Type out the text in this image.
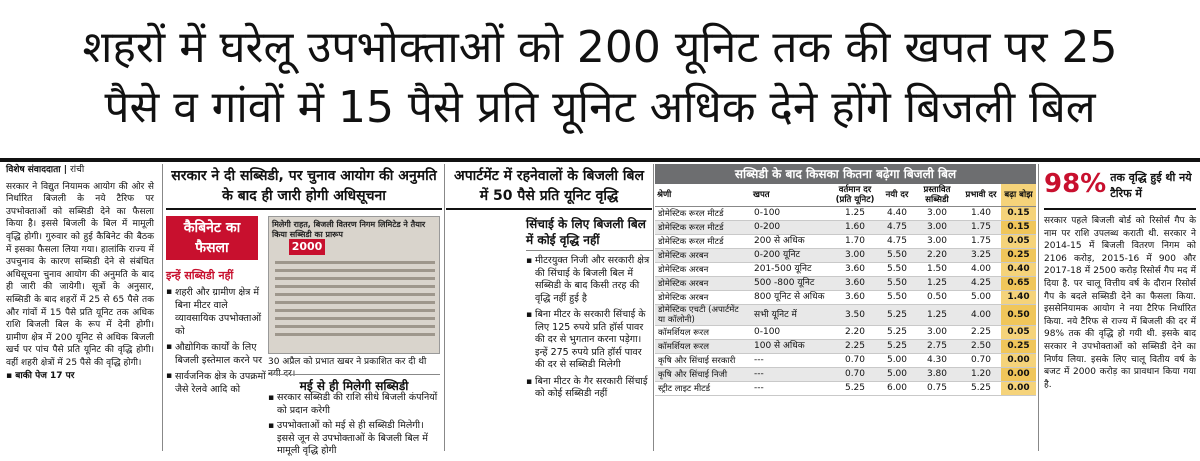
शहरों में घरेलू उपभोक्ताओं को 200 यूनिट तक की खपत पर 25
पैसे व गांवों में 15 पैसे प्रति यूनिट अधिक देने होंगे बिजली बिल
विशेष संवाददाता | रांची
सरकार ने विद्युत नियामक आयोग की ओर से निर्धारित बिजली के नये टैरिफ पर उपभोक्ताओं को सब्सिडी देने का फैसला किया है। इससे बिजली के बिल में मामूली वृद्धि होगी। गुरुवार को हुई कैबिनेट की बैठक में इसका फैसला लिया गया। हालांकि राज्य में उपचुनाव के कारण सब्सिडी देने से संबंधित अधिसूचना चुनाव आयोग की अनुमति के बाद ही जारी की जायेगी। सूत्रों के अनुसार, सब्सिडी के बाद शहरों में 25 से 65 पैसे तक और गांवों में 15 पैसे प्रति यूनिट तक अधिक राशि बिजली बिल के रूप में देनी होगी। ग्रामीण क्षेत्र में 200 यूनिट से अधिक बिजली खर्च पर पांच पैसे प्रति यूनिट की वृद्धि होगी। वहीं शहरी क्षेत्रों में 25 पैसे की वृद्धि होगी।
▪ बाकी पेज 17 पर
सरकार ने दी सब्सिडी, पर चुनाव आयोग की अनुमति के बाद ही जारी होगी अधिसूचना
कैबिनेट का फैसला
इन्हें सब्सिडी नहीं
▪ शहरी और ग्रामीण क्षेत्र में बिना मीटर वाले व्यावसायिक उपभोक्ताओं को
▪ औद्योगिक कार्यों के लिए बिजली इस्तेमाल करने पर
▪ सार्वजनिक क्षेत्र के उपक्रमों जैसे रेलवे आदि को
मिलेगी राहत, बिजली वितरण निगम लिमिटेड ने तैयार किया सब्सिडी का प्रारूप
2000
30 अप्रैल को प्रभात खबर ने प्रकाशित कर दी थी नयी दर।
मई से ही मिलेगी सब्सिडी
▪ सरकार सब्सिडी की राशि सीधे बिजली कंपनियों को प्रदान करेगी
▪ उपभोक्ताओं को मई से ही सब्सिडी मिलेगी। इससे जून से उपभोक्ताओं के बिजली बिल में मामूली वृद्धि होगी
अपार्टमेंट में रहनेवालों के बिजली बिल में 50 पैसे प्रति यूनिट वृद्धि
सिंचाई के लिए बिजली बिल में कोई वृद्धि नहीं
▪ मीटरयुक्त निजी और सरकारी क्षेत्र की सिंचाई के बिजली बिल में सब्सिडी के बाद किसी तरह की वृद्धि नहीं हुई है
▪ बिना मीटर के सरकारी सिंचाई के लिए 125 रुपये प्रति हॉर्स पावर की दर से भुगतान करना पड़ेगा। इन्हें 275 रुपये प्रति हॉर्स पावर की दर से सब्सिडी मिलेगी
▪ बिना मीटर के गैर सरकारी सिंचाई को कोई सब्सिडी नहीं
सब्सिडी के बाद किसका कितना बढ़ेगा बिजली बिल
श्रेणी	खपत	वर्तमान दर (प्रति यूनिट)	नयी दर	प्रस्तावित सब्सिडी	प्रभावी दर	बढ़ा बोझ
डोमेस्टिक रूरल मीटर्ड	0-100	1.25	4.40	3.00	1.40	0.15
डोमेस्टिक रूरल मीटर्ड	0-200	1.60	4.75	3.00	1.75	0.15
डोमेस्टिक रूरल मीटर्ड	200 से अधिक	1.70	4.75	3.00	1.75	0.05
डोमेस्टिक अरबन	0-200 यूनिट	3.00	5.50	2.20	3.25	0.25
डोमेस्टिक अरबन	201-500 यूनिट	3.60	5.50	1.50	4.00	0.40
डोमेस्टिक अरबन	500 -800 यूनिट	3.60	5.50	1.25	4.25	0.65
डोमेस्टिक अरबन	800 यूनिट से अधिक	3.60	5.50	0.50	5.00	1.40
डोमेस्टिक एचटी (अपार्टमेंट या कॉलोनी)	सभी यूनिट में	3.50	5.25	1.25	4.00	0.50
कॉमर्शियल रूरल	0-100	2.20	5.25	3.00	2.25	0.05
कॉमर्शियल रूरल	100 से अधिक	2.25	5.25	2.75	2.50	0.25
कृषि और सिंचाई सरकारी	---	0.70	5.00	4.30	0.70	0.00
कृषि और सिंचाई निजी	---	0.70	5.00	3.80	1.20	0.00
स्ट्रीट लाइट मीटर्ड	---	5.25	6.00	0.75	5.25	0.00
98% तक वृद्धि हुई थी नये टैरिफ में
सरकार पहले बिजली बोर्ड को रिसोर्स गैप के नाम पर राशि उपलब्ध कराती थी. सरकार ने 2014-15 में बिजली वितरण निगम को 2106 करोड़, 2015-16 में 900 और 2017-18 में 2500 करोड़ रिसोर्स गैप मद में दिया है. पर चालू वित्तीय वर्ष के दौरान रिसोर्स गैप के बदले सब्सिडी देने का फैसला किया. इससेनियामक आयोग ने नया टैरिफ निर्धारित किया. नये टैरिफ से राज्य में बिजली की दर में 98% तक की वृद्धि हो गयी थी. इसके बाद सरकार ने उपभोक्ताओं को सब्सिडी देने का निर्णय लिया. इसके लिए चालू वितीय वर्ष के बजट में 2000 करोड़ का प्रावधान किया गया है.
